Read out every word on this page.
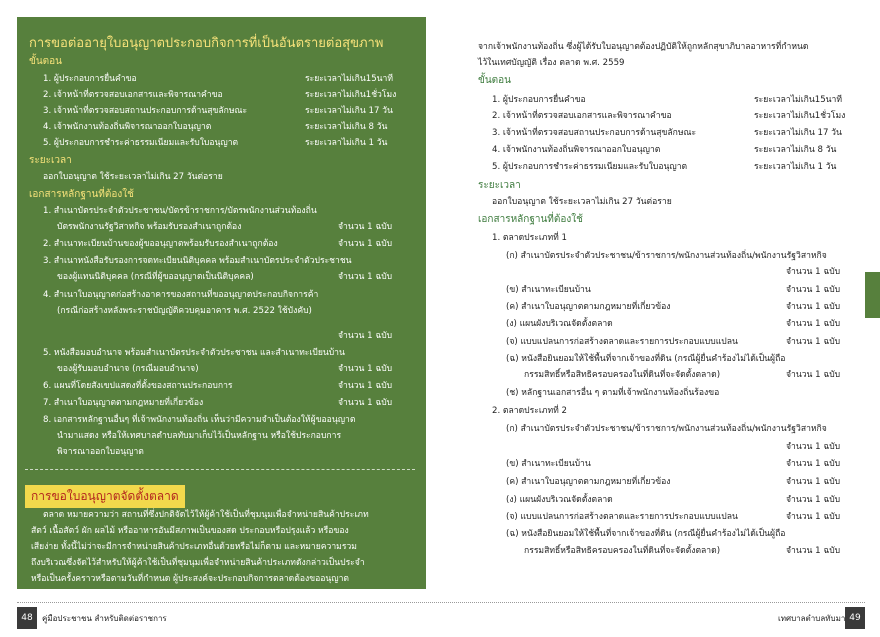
การขอต่ออายุใบอนุญาตประกอบกิจการที่เป็นอันตรายต่อสุขภาพ
ขั้นตอน
1. ผู้ประกอบการยื่นคำขอ	ระยะเวลาไม่เกิน15นาที
2. เจ้าหน้าที่ตรวจสอบเอกสารและพิจารณาคำขอ	ระยะเวลาไม่เกิน1ชั่วโมง
3. เจ้าหน้าที่ตรวจสอบสถานประกอบการด้านสุขลักษณะ	ระยะเวลาไม่เกิน 17 วัน
4. เจ้าพนักงานท้องถิ่นพิจารณาออกใบอนุญาต	ระยะเวลาไม่เกิน 8 วัน
5. ผู้ประกอบการชำระค่าธรรมเนียมและรับใบอนุญาต	ระยะเวลาไม่เกิน 1 วัน
ระยะเวลา
ออกใบอนุญาต ใช้ระยะเวลาไม่เกิน 27 วันต่อราย
เอกสารหลักฐานที่ต้องใช้
1. สำเนาบัตรประจำตัวประชาชน/บัตรข้าราชการ/บัตรพนักงานส่วนท้องถิ่น
บัตรพนักงานรัฐวิสาหกิจ พร้อมรับรองสำเนาถูกต้อง	จำนวน 1 ฉบับ
2. สำเนาทะเบียนบ้านของผู้ขออนุญาตพร้อมรับรองสำเนาถูกต้อง	จำนวน 1 ฉบับ
3. สำเนาหนังสือรับรองการจดทะเบียนนิติบุคคล พร้อมสำเนาบัตรประจำตัวประชาชน
ของผู้แทนนิติบุคคล (กรณีที่ผู้ขออนุญาตเป็นนิติบุคคล)	จำนวน 1 ฉบับ
4. สำเนาใบอนุญาตก่อสร้างอาคารของสถานที่ขออนุญาตประกอบกิจการค้า
(กรณีก่อสร้างหลังพระราชบัญญัติควบคุมอาคาร พ.ศ. 2522 ใช้บังคับ)
จำนวน 1 ฉบับ
5. หนังสือมอบอำนาจ พร้อมสำเนาบัตรประจำตัวประชาชน และสำเนาทะเบียนบ้าน
ของผู้รับมอบอำนาจ (กรณีมอบอำนาจ)	จำนวน 1 ฉบับ
6. แผนที่โดยสังเขปแสดงที่ตั้งของสถานประกอบการ	จำนวน 1 ฉบับ
7. สำเนาใบอนุญาตตามกฎหมายที่เกี่ยวข้อง	จำนวน 1 ฉบับ
8. เอกสารหลักฐานอื่นๆ ที่เจ้าพนักงานท้องถิ่น เห็นว่ามีความจำเป็นต้องให้ผู้ขออนุญาต
นำมาแสดง หรือให้เทศบาลตำบลทับมาเก็บไว้เป็นหลักฐาน หรือใช้ประกอบการ
พิจารณาออกใบอนุญาต
การขอใบอนุญาตจัดตั้งตลาด
ตลาด หมายความว่า สถานที่ซึ่งปกติจัดไว้ให้ผู้ค้าใช้เป็นที่ชุมนุมเพื่อจำหน่ายสินค้าประเภท
สัตว์ เนื้อสัตว์ ผัก ผลไม้ หรืออาหารอันมีสภาพเป็นของสด ประกอบหรือปรุงแล้ว หรือของ
เสียง่าย ทั้งนี้ไม่ว่าจะมีการจำหน่ายสินค้าประเภทอื่นด้วยหรือไม่ก็ตาม และหมายความรวม
ถึงบริเวณซึ่งจัดไว้สำหรับให้ผู้ค้าใช้เป็นที่ชุมนุมเพื่อจำหน่ายสินค้าประเภทดังกล่าวเป็นประจำ
หรือเป็นครั้งคราวหรือตามวันที่กำหนด ผู้ประสงค์จะประกอบกิจการตลาดต้องขออนุญาต
จากเจ้าพนักงานท้องถิ่น ซึ่งผู้ได้รับใบอนุญาตต้องปฏิบัติให้ถูกหลักสุขาภิบาลอาหารที่กำหนด
ไว้ในเทศบัญญัติ เรื่อง ตลาด พ.ศ. 2559
ขั้นตอน
1. ผู้ประกอบการยื่นคำขอ	ระยะเวลาไม่เกิน15นาที
2. เจ้าหน้าที่ตรวจสอบเอกสารและพิจารณาคำขอ	ระยะเวลาไม่เกิน1ชั่วโมง
3. เจ้าหน้าที่ตรวจสอบสถานประกอบการด้านสุขลักษณะ	ระยะเวลาไม่เกิน 17 วัน
4. เจ้าพนักงานท้องถิ่นพิจารณาออกใบอนุญาต	ระยะเวลาไม่เกิน 8 วัน
5. ผู้ประกอบการชำระค่าธรรมเนียมและรับใบอนุญาต	ระยะเวลาไม่เกิน 1 วัน
ระยะเวลา
ออกใบอนุญาต ใช้ระยะเวลาไม่เกิน 27 วันต่อราย
เอกสารหลักฐานที่ต้องใช้
1. ตลาดประเภทที่ 1
(ก) สำเนาบัตรประจำตัวประชาชน/ข้าราชการ/พนักงานส่วนท้องถิ่น/พนักงานรัฐวิสาหกิจ
จำนวน 1 ฉบับ
(ข) สำเนาทะเบียนบ้าน	จำนวน 1 ฉบับ
(ค) สำเนาใบอนุญาตตามกฎหมายที่เกี่ยวข้อง	จำนวน 1 ฉบับ
(ง) แผนผังบริเวณจัดตั้งตลาด	จำนวน 1 ฉบับ
(จ) แบบแปลนการก่อสร้างตลาดและรายการประกอบแบบแปลน	จำนวน 1 ฉบับ
(ฉ) หนังสือยินยอมให้ใช้พื้นที่จากเจ้าของที่ดิน (กรณีผู้ยื่นคำร้องไม่ได้เป็นผู้ถือ
กรรมสิทธิ์หรือสิทธิครอบครองในที่ดินที่จะจัดตั้งตลาด)	จำนวน 1 ฉบับ
(ช) หลักฐานเอกสารอื่น ๆ ตามที่เจ้าพนักงานท้องถิ่นร้องขอ
2. ตลาดประเภทที่ 2
(ก) สำเนาบัตรประจำตัวประชาชน/ข้าราชการ/พนักงานส่วนท้องถิ่น/พนักงานรัฐวิสาหกิจ
จำนวน 1 ฉบับ
(ข) สำเนาทะเบียนบ้าน	จำนวน 1 ฉบับ
(ค) สำเนาใบอนุญาตตามกฎหมายที่เกี่ยวข้อง	จำนวน 1 ฉบับ
(ง) แผนผังบริเวณจัดตั้งตลาด	จำนวน 1 ฉบับ
(จ) แบบแปลนการก่อสร้างตลาดและรายการประกอบแบบแปลน	จำนวน 1 ฉบับ
(ฉ) หนังสือยินยอมให้ใช้พื้นที่จากเจ้าของที่ดิน (กรณีผู้ยื่นคำร้องไม่ได้เป็นผู้ถือ
กรรมสิทธิ์หรือสิทธิครอบครองในที่ดินที่จะจัดตั้งตลาด)	จำนวน 1 ฉบับ
48	คู่มือประชาชน สำหรับติดต่อราชการ	เทศบาลตำบลทับมา 49
